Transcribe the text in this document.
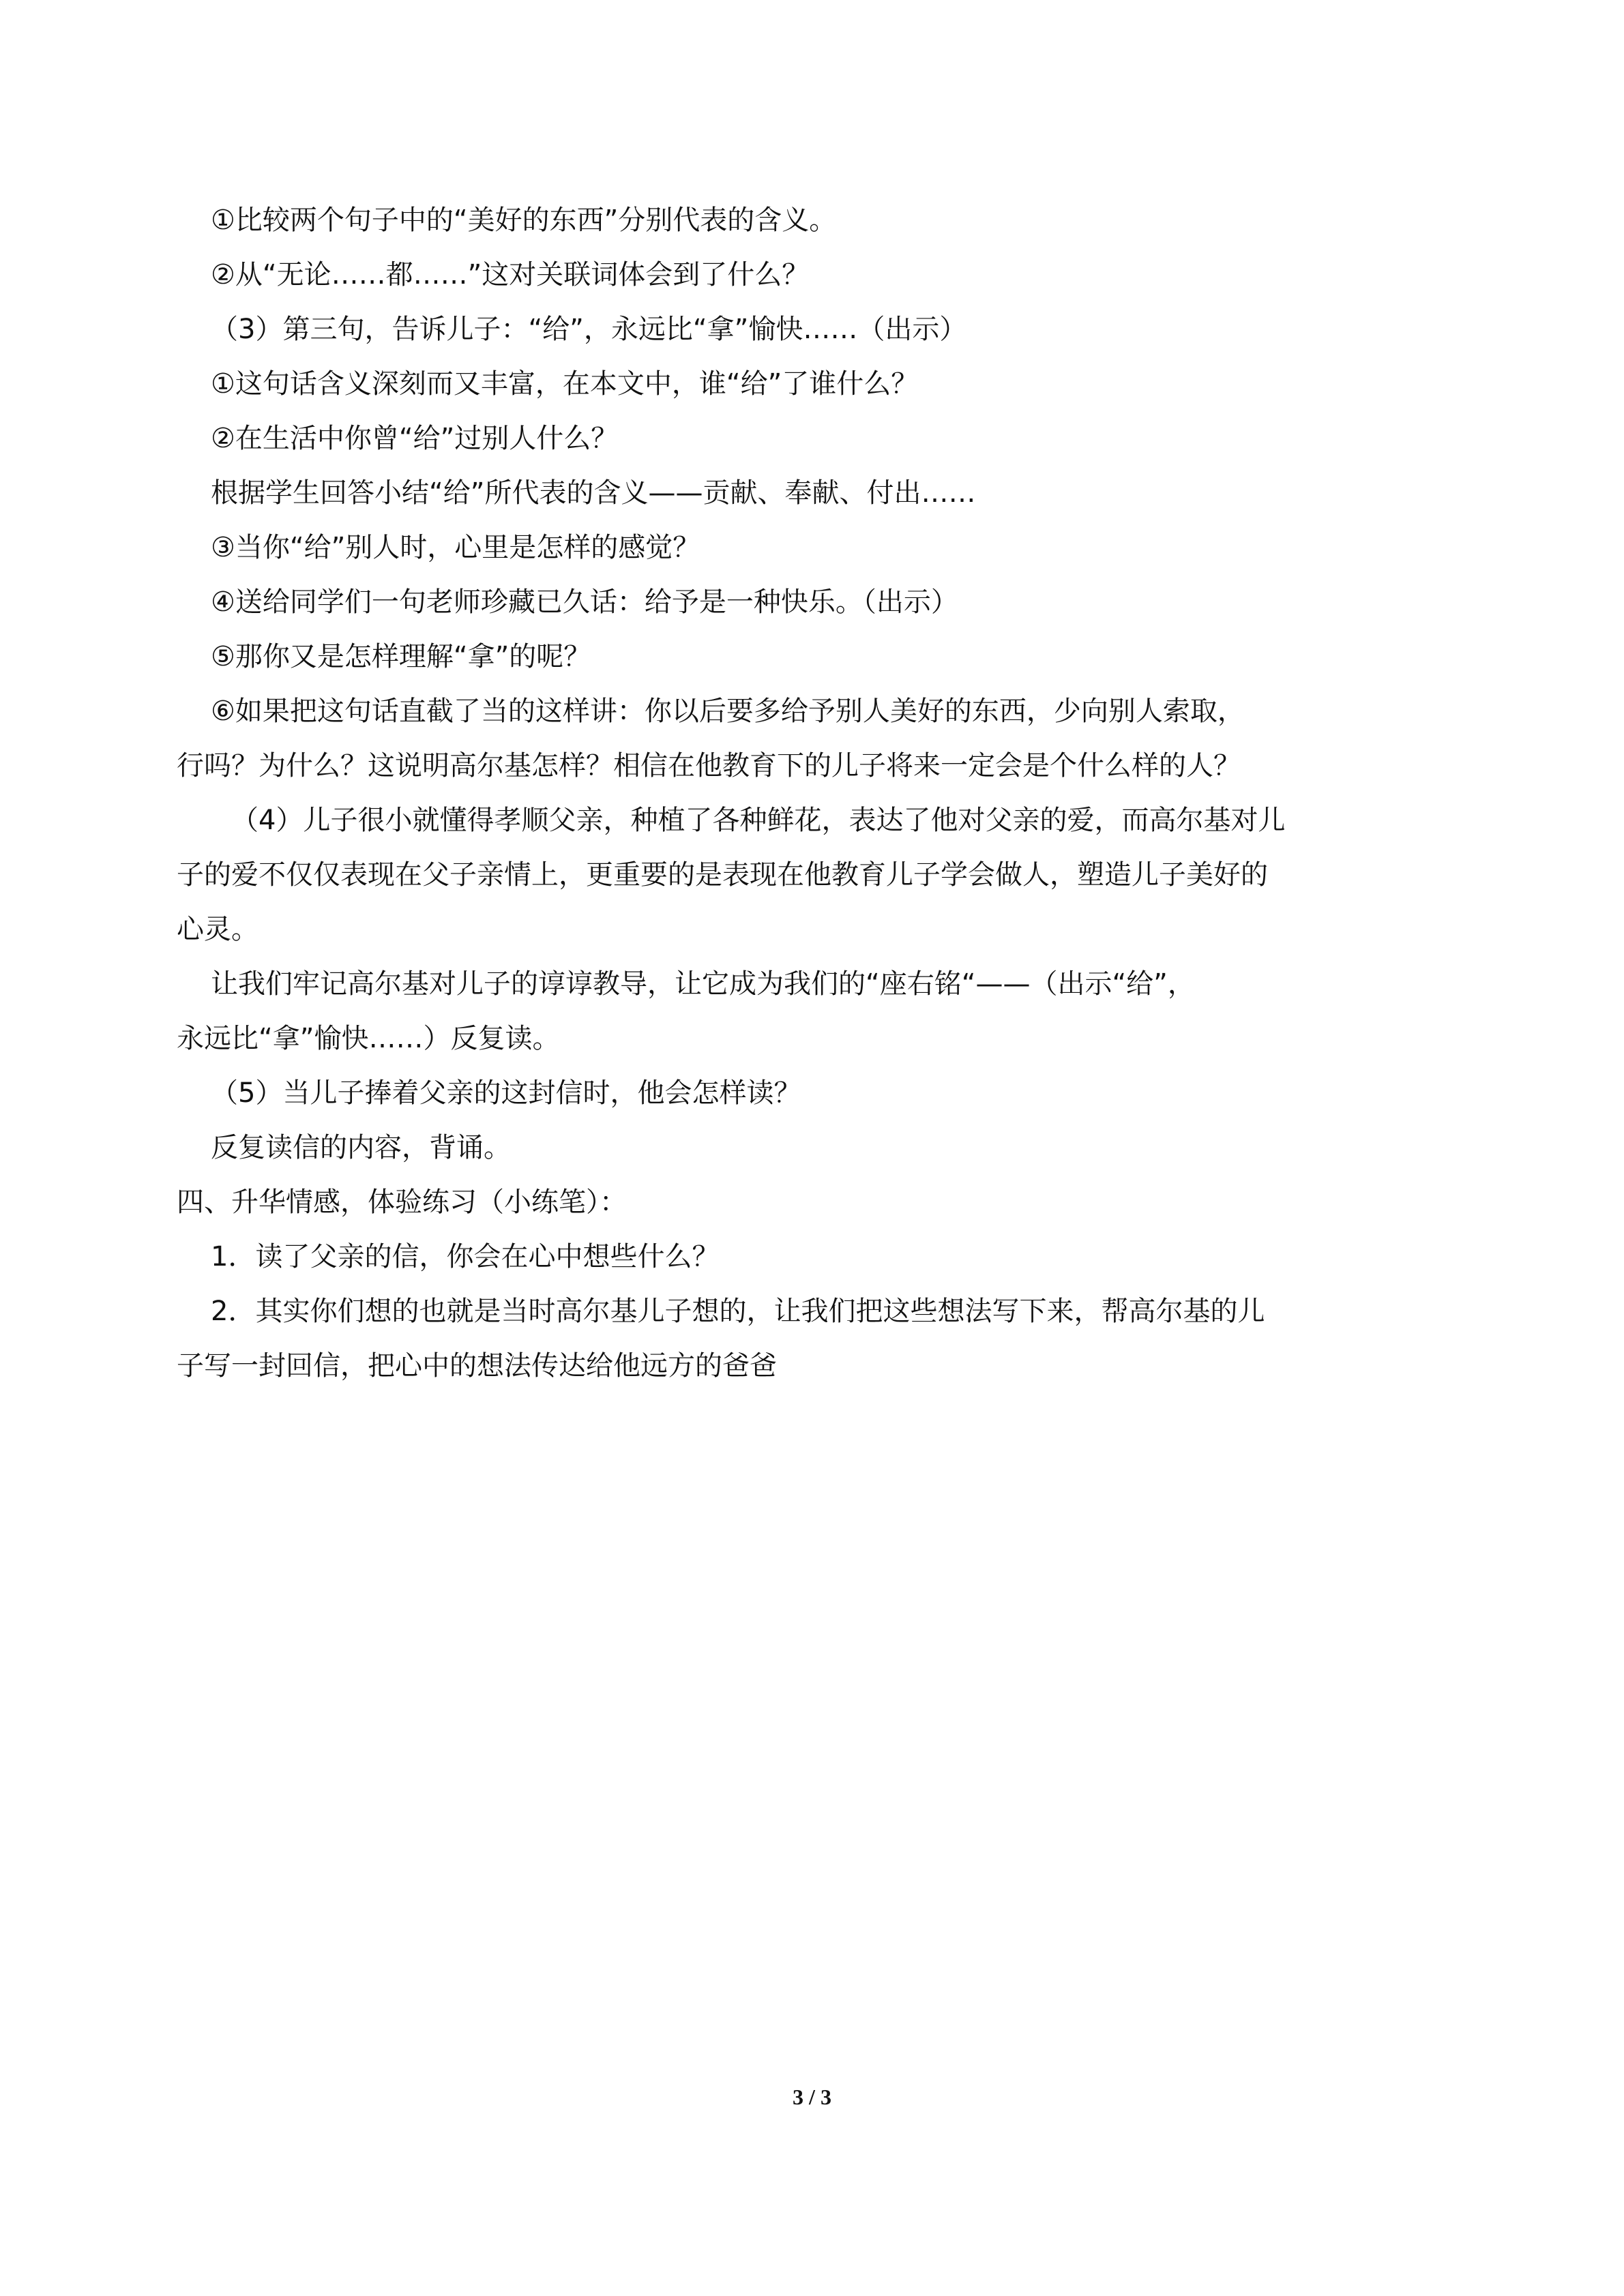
①比较两个句子中的“美好的东西”分别代表的含义。
②从“无论……都……”这对关联词体会到了什么？
（3）第三句，告诉儿子：“给”，永远比“拿”愉快……（出示）
①这句话含义深刻而又丰富，在本文中，谁“给”了谁什么？
②在生活中你曾“给”过别人什么？
根据学生回答小结“给”所代表的含义——贡献、奉献、付出……
③当你“给”别人时，心里是怎样的感觉？
④送给同学们一句老师珍藏已久话：给予是一种快乐。（出示）
⑤那你又是怎样理解“拿”的呢？
⑥如果把这句话直截了当的这样讲：你以后要多给予别人美好的东西，少向别人索取，
行吗？为什么？这说明高尔基怎样？相信在他教育下的儿子将来一定会是个什么样的人？
（4）儿子很小就懂得孝顺父亲，种植了各种鲜花，表达了他对父亲的爱，而高尔基对儿
子的爱不仅仅表现在父子亲情上，更重要的是表现在他教育儿子学会做人，塑造儿子美好的
心灵。
让我们牢记高尔基对儿子的谆谆教导，让它成为我们的“座右铭“——（出示“给”，
永远比“拿”愉快……）反复读。
（5）当儿子捧着父亲的这封信时，他会怎样读？
反复读信的内容，背诵。
四、升华情感，体验练习（小练笔）：
1．读了父亲的信，你会在心中想些什么？
2．其实你们想的也就是当时高尔基儿子想的，让我们把这些想法写下来，帮高尔基的儿
子写一封回信，把心中的想法传达给他远方的爸爸
3 / 3
